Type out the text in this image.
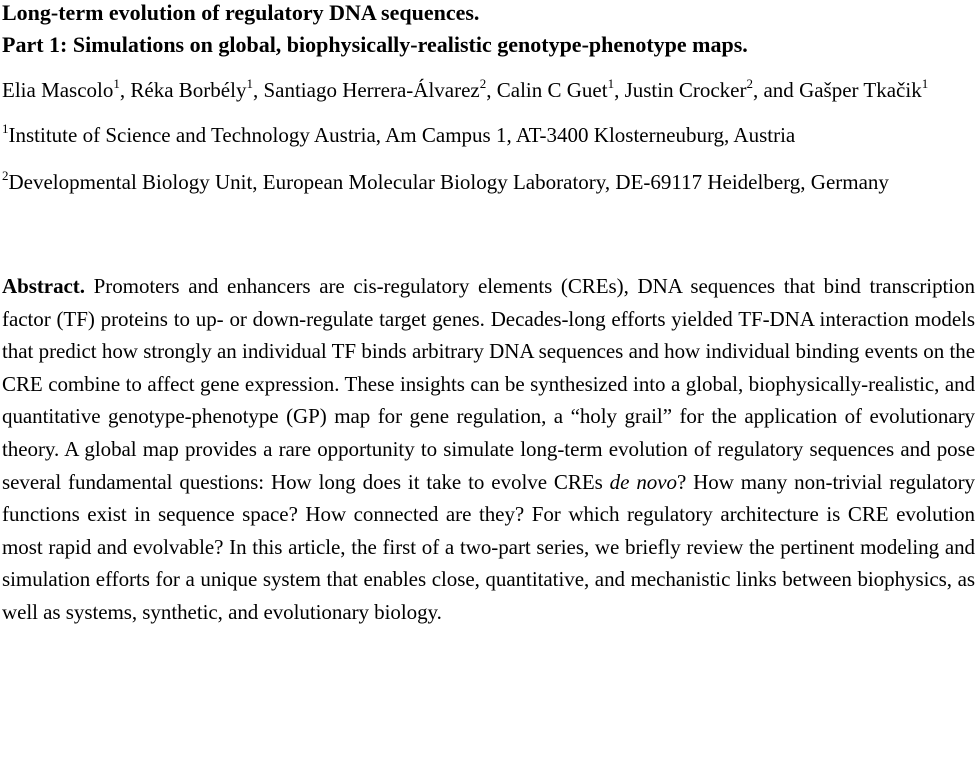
Long-term evolution of regulatory DNA sequences.
Part 1: Simulations on global, biophysically-realistic genotype-phenotype maps.
Elia Mascolo$^1$, Réka Borbély$^1$, Santiago Herrera-Álvarez$^2$, Calin C Guet$^1$, Justin Crocker$^2$, and Gašper Tkačik$^1$
$^1$Institute of Science and Technology Austria, Am Campus 1, AT-3400 Klosterneuburg, Austria
$^2$Developmental Biology Unit, European Molecular Biology Laboratory, DE-69117 Heidelberg, Germany
Abstract. Promoters and enhancers are cis-regulatory elements (CREs), DNA sequences that bind transcription factor (TF) proteins to up- or down-regulate target genes. Decades-long efforts yielded TF-DNA interaction models that predict how strongly an individual TF binds arbitrary DNA sequences and how individual binding events on the CRE combine to affect gene expression. These insights can be synthesized into a global, biophysically-realistic, and quantitative genotype-phenotype (GP) map for gene regulation, a “holy grail” for the application of evolutionary theory. A global map provides a rare opportunity to simulate long-term evolution of regulatory sequences and pose several fundamental questions: How long does it take to evolve CREs de novo? How many non-trivial regulatory functions exist in sequence space? How connected are they? For which regulatory architecture is CRE evolution most rapid and evolvable? In this article, the first of a two-part series, we briefly review the pertinent modeling and simulation efforts for a unique system that enables close, quantitative, and mechanistic links between biophysics, as well as systems, synthetic, and evolutionary biology.
